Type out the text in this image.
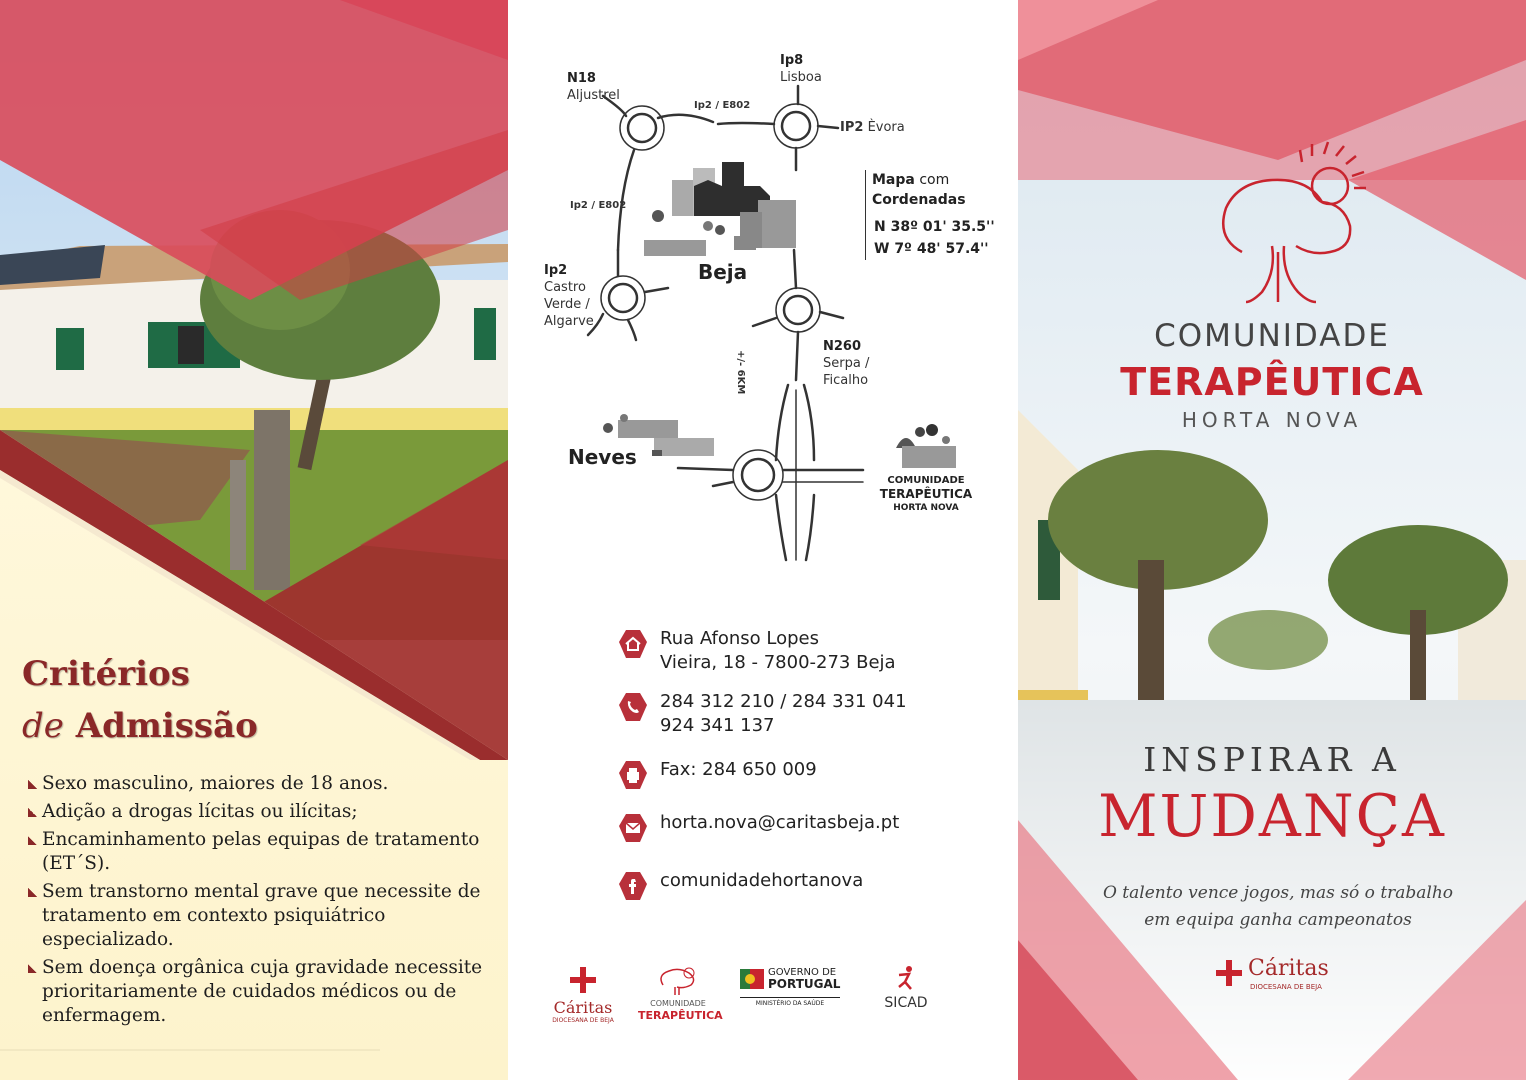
Critérios
de Admissão
Sexo masculino, maiores de 18 anos.
Adição a drogas lícitas ou ilícitas;
Encaminhamento pelas equipas de tratamento (ET´S).
Sem transtorno mental grave que necessite de tratamento em contexto psiquiátrico especializado.
Sem doença orgânica cuja gravidade necessite prioritariamente de cuidados médicos ou de enfermagem.
N18
Aljustrel
Ip8
Lisboa
Ip2 / E802
IP2 Èvora
Ip2 / E802
Ip2
Castro
Verde /
Algarve
Beja
N260
Serpa /
Ficalho
+/- 6KM
Neves
Mapa com
Cordenadas
N 38º 01' 35.5''
W 7º 48' 57.4''
COMUNIDADE
TERAPÊUTICA
HORTA NOVA
Rua Afonso Lopes
Vieira, 18 - 7800-273 Beja
284 312 210 / 284 331 041
924 341 137
Fax: 284 650 009
horta.nova@caritasbeja.pt
comunidadehortanova
Cáritas
DIOCESANA DE BEJA
COMUNIDADE
TERAPÊUTICA
GOVERNO DE
PORTUGAL
MINISTÉRIO DA SAÚDE	SICAD
COMUNIDADE
TERAPÊUTICA
HORTA NOVA
INSPIRAR A
MUDANÇA
O talento vence jogos, mas só o trabalho
em equipa ganha campeonatos
Cáritas
DIOCESANA DE BEJA
